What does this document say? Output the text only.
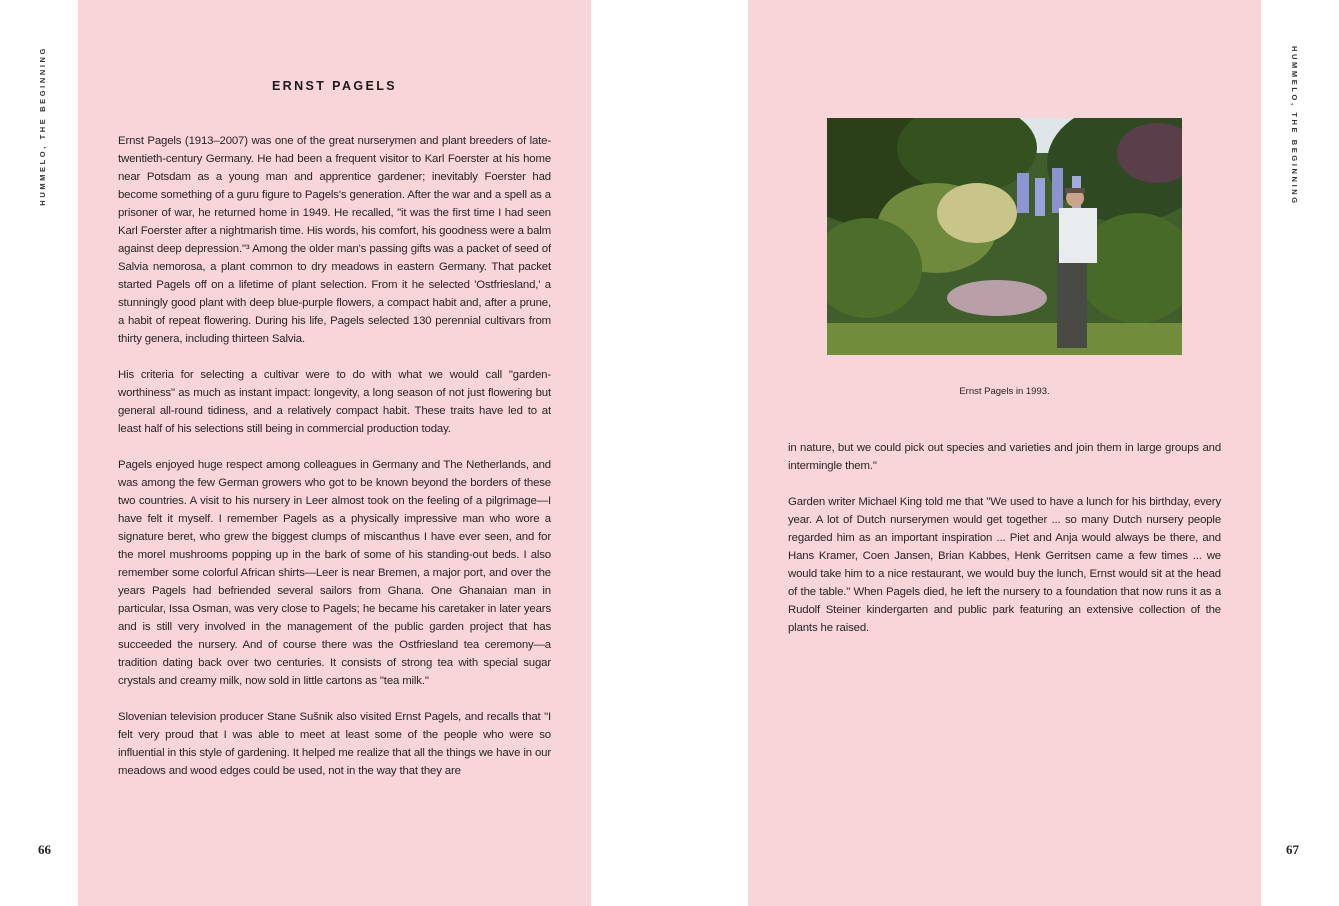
HUMMELO, THE BEGINNING	HUMMELO, THE BEGINNING
66	67
ERNST PAGELS

Ernst Pagels (1913–2007) was one of the great nurserymen and plant breeders of late-twentieth-century Germany. He had been a frequent visitor to Karl Foerster at his home near Potsdam as a young man and apprentice gardener; inevitably Foerster had become something of a guru figure to Pagels's generation. After the war and a spell as a prisoner of war, he returned home in 1949. He recalled, "it was the first time I had seen Karl Foerster after a nightmarish time. His words, his comfort, his goodness were a balm against deep depression."³ Among the older man's passing gifts was a packet of seed of Salvia nemorosa, a plant common to dry meadows in eastern Germany. That packet started Pagels off on a lifetime of plant selection. From it he selected 'Ostfriesland,' a stunningly good plant with deep blue-purple flowers, a compact habit and, after a prune, a habit of repeat flowering. During his life, Pagels selected 130 perennial cultivars from thirty genera, including thirteen Salvia.

His criteria for selecting a cultivar were to do with what we would call "garden-worthiness" as much as instant impact: longevity, a long season of not just flowering but general all-round tidiness, and a relatively compact habit. These traits have led to at least half of his selections still being in commercial production today.

Pagels enjoyed huge respect among colleagues in Germany and The Netherlands, and was among the few German growers who got to be known beyond the borders of these two countries. A visit to his nursery in Leer almost took on the feeling of a pilgrimage—I have felt it myself. I remember Pagels as a physically impressive man who wore a signature beret, who grew the biggest clumps of miscanthus I have ever seen, and for the morel mushrooms popping up in the bark of some of his standing-out beds. I also remember some colorful African shirts—Leer is near Bremen, a major port, and over the years Pagels had befriended several sailors from Ghana. One Ghanaian man in particular, Issa Osman, was very close to Pagels; he became his caretaker in later years and is still very involved in the management of the public garden project that has succeeded the nursery. And of course there was the Ostfriesland tea ceremony—a tradition dating back over two centuries. It consists of strong tea with special sugar crystals and creamy milk, now sold in little cartons as "tea milk."

Slovenian television producer Stane Sušnik also visited Ernst Pagels, and recalls that "I felt very proud that I was able to meet at least some of the people who were so influential in this style of gardening. It helped me realize that all the things we have in our meadows and wood edges could be used, not in the way that they are

Ernst Pagels in 1993.

in nature, but we could pick out species and varieties and join them in large groups and intermingle them."

Garden writer Michael King told me that "We used to have a lunch for his birthday, every year. A lot of Dutch nurserymen would get together ... so many Dutch nursery people regarded him as an important inspiration ... Piet and Anja would always be there, and Hans Kramer, Coen Jansen, Brian Kabbes, Henk Gerritsen came a few times ... we would take him to a nice restaurant, we would buy the lunch, Ernst would sit at the head of the table." When Pagels died, he left the nursery to a foundation that now runs it as a Rudolf Steiner kindergarten and public park featuring an extensive collection of the plants he raised.
